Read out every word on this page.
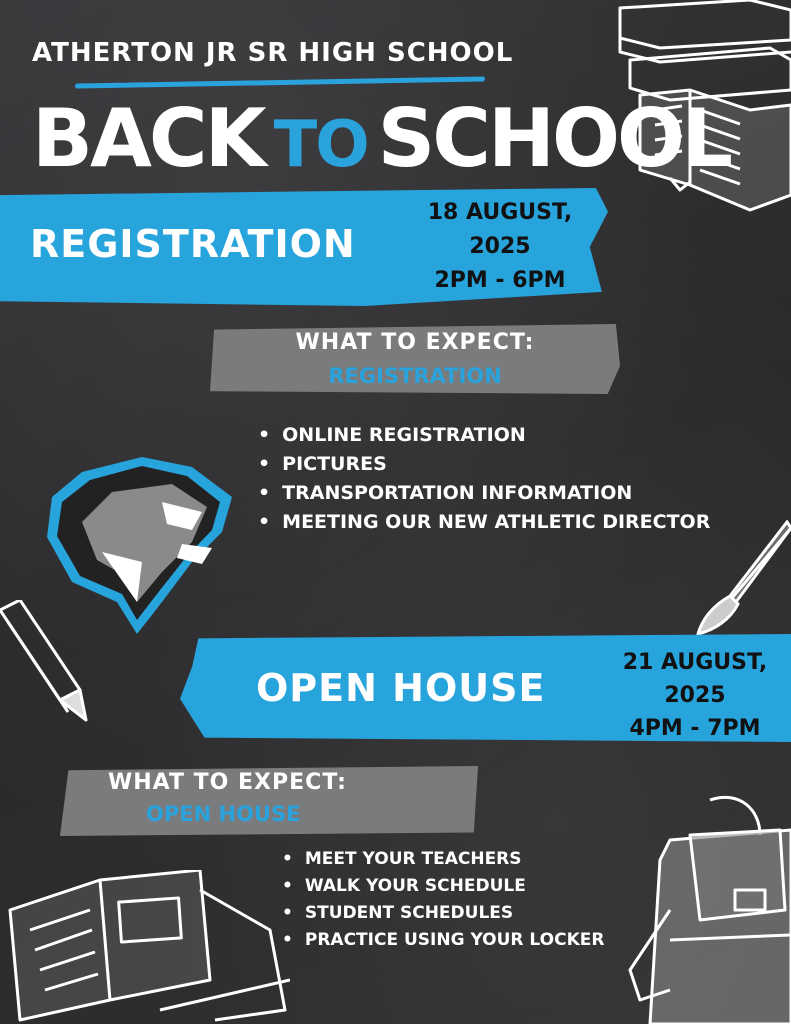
ATHERTON JR SR HIGH SCHOOL
BACK TO SCHOOL
REGISTRATION
18 AUGUST,
2025
2PM - 6PM
WHAT TO EXPECT:
REGISTRATION
• ONLINE REGISTRATION
• PICTURES
• TRANSPORTATION INFORMATION
• MEETING OUR NEW ATHLETIC DIRECTOR
OPEN HOUSE
21 AUGUST,
2025
4PM - 7PM
WHAT TO EXPECT:
OPEN HOUSE
• MEET YOUR TEACHERS
• WALK YOUR SCHEDULE
• STUDENT SCHEDULES
• PRACTICE USING YOUR LOCKER
